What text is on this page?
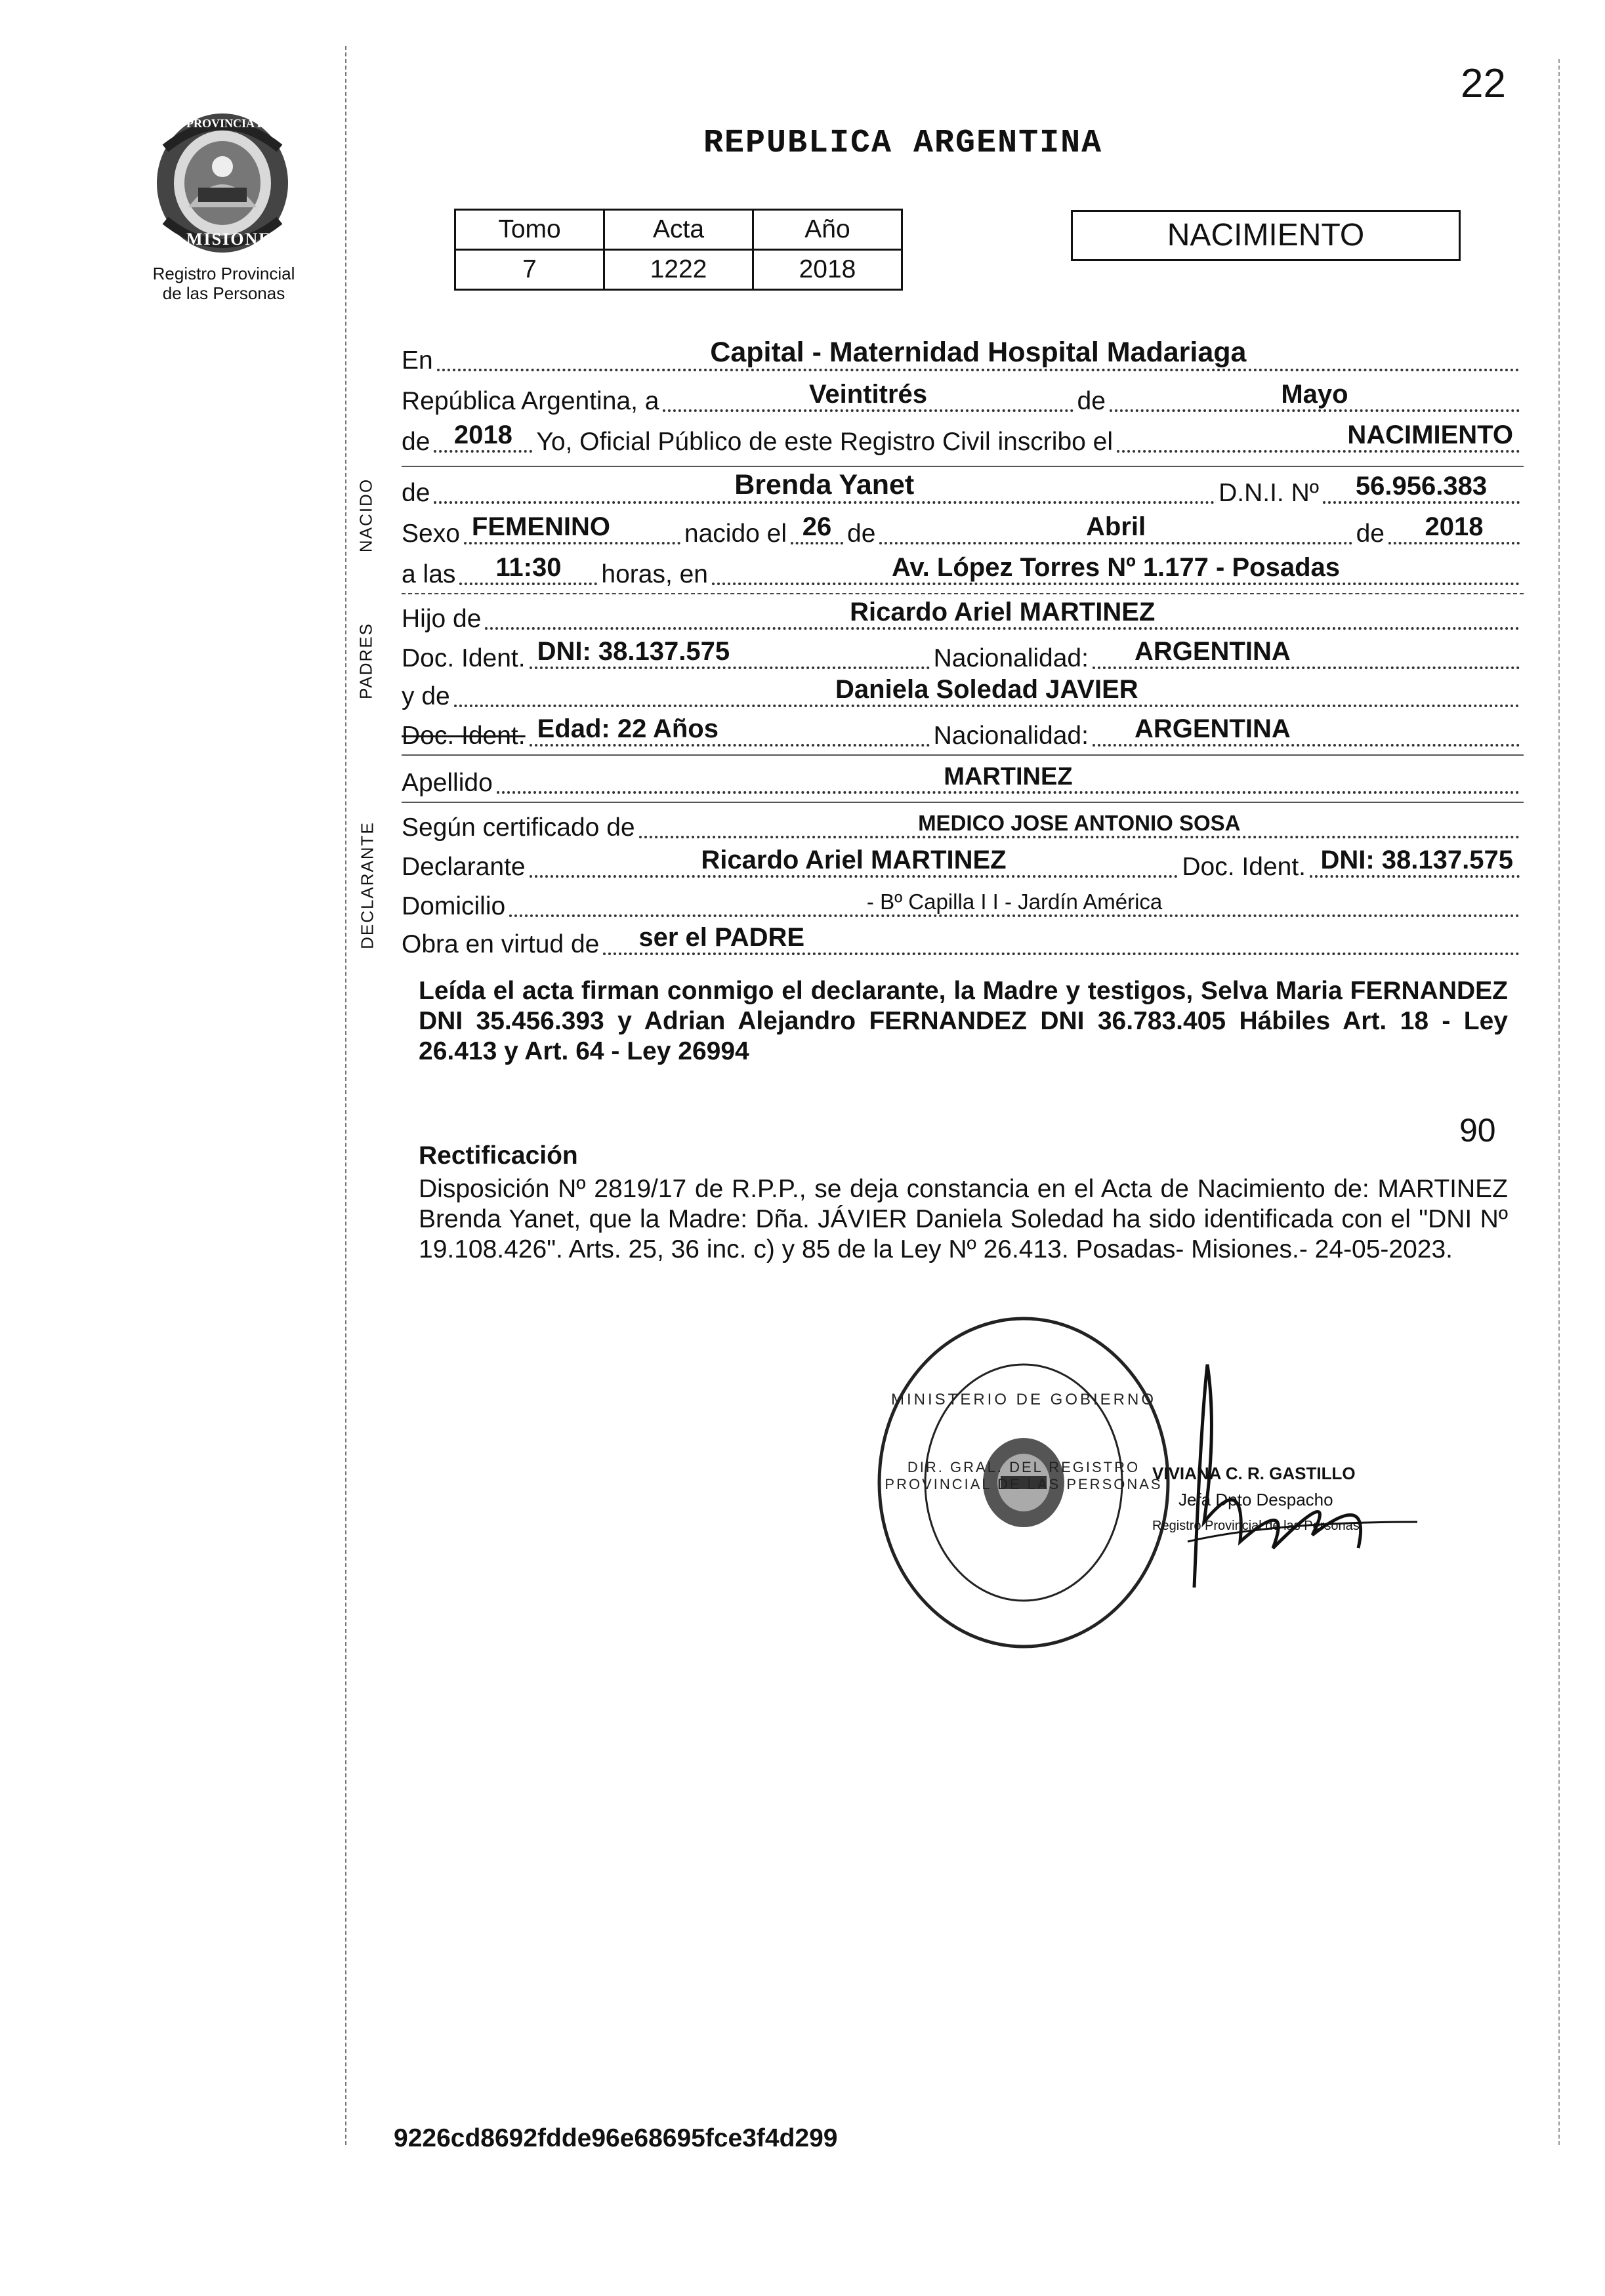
22
PROVINCIA DE
MISIONES
Registro Provincial
de las Personas
REPUBLICA ARGENTINA
Tomo	Acta	Año
7	1222	2018
NACIMIENTO
En	Capital - Maternidad Hospital Madariaga
República Argentina, a	Veintitrés	de	Mayo
de 2018 Yo, Oficial Público de este Registro Civil inscribo el	NACIMIENTO
NACIDO de	Brenda Yanet	D.N.I. Nº 56.956.383
Sexo FEMENINO	nacido el 26 de	Abril	de 2018
a las 11:30 horas, en	Av. López Torres Nº 1.177 - Posadas
PADRES
Hijo de	Ricardo Ariel MARTINEZ
Doc. Ident. DNI: 38.137.575	Nacionalidad: ARGENTINA
y de	Daniela Soledad JAVIER
Doc. Ident. Edad: 22 Años	Nacionalidad: ARGENTINA
Apellido	MARTINEZ
DECLARANTE Según certificado de	MEDICO JOSE ANTONIO SOSA
Declarante	Ricardo Ariel MARTINEZ	Doc. Ident. DNI: 38.137.575
Domicilio	- Bº Capilla I I - Jardín América
Obra en virtud de ser el PADRE
Leída el acta firman conmigo el declarante, la Madre y testigos, Selva Maria FERNANDEZ DNI 35.456.393 y Adrian Alejandro FERNANDEZ DNI 36.783.405 Hábiles Art. 18 - Ley 26.413 y Art. 64 - Ley 26994
90
Rectificación
Disposición Nº 2819/17 de R.P.P., se deja constancia en el Acta de Nacimiento de: MARTINEZ Brenda Yanet, que la Madre: Dña. JÁVIER Daniela Soledad ha sido identificada con el "DNI Nº 19.108.426". Arts. 25, 36 inc. c) y 85 de la Ley Nº 26.413. Posadas- Misiones.- 24-05-2023.
DIR. GRAL. DEL REGISTRO PROVINCIAL DE LAS PERSONAS
MINISTERIO DE GOBIERNO
VIVIANA C. R. GASTILLO
Jefa Dpto Despacho
Registro Provincial de las Personas
9226cd8692fdde96e68695fce3f4d299
